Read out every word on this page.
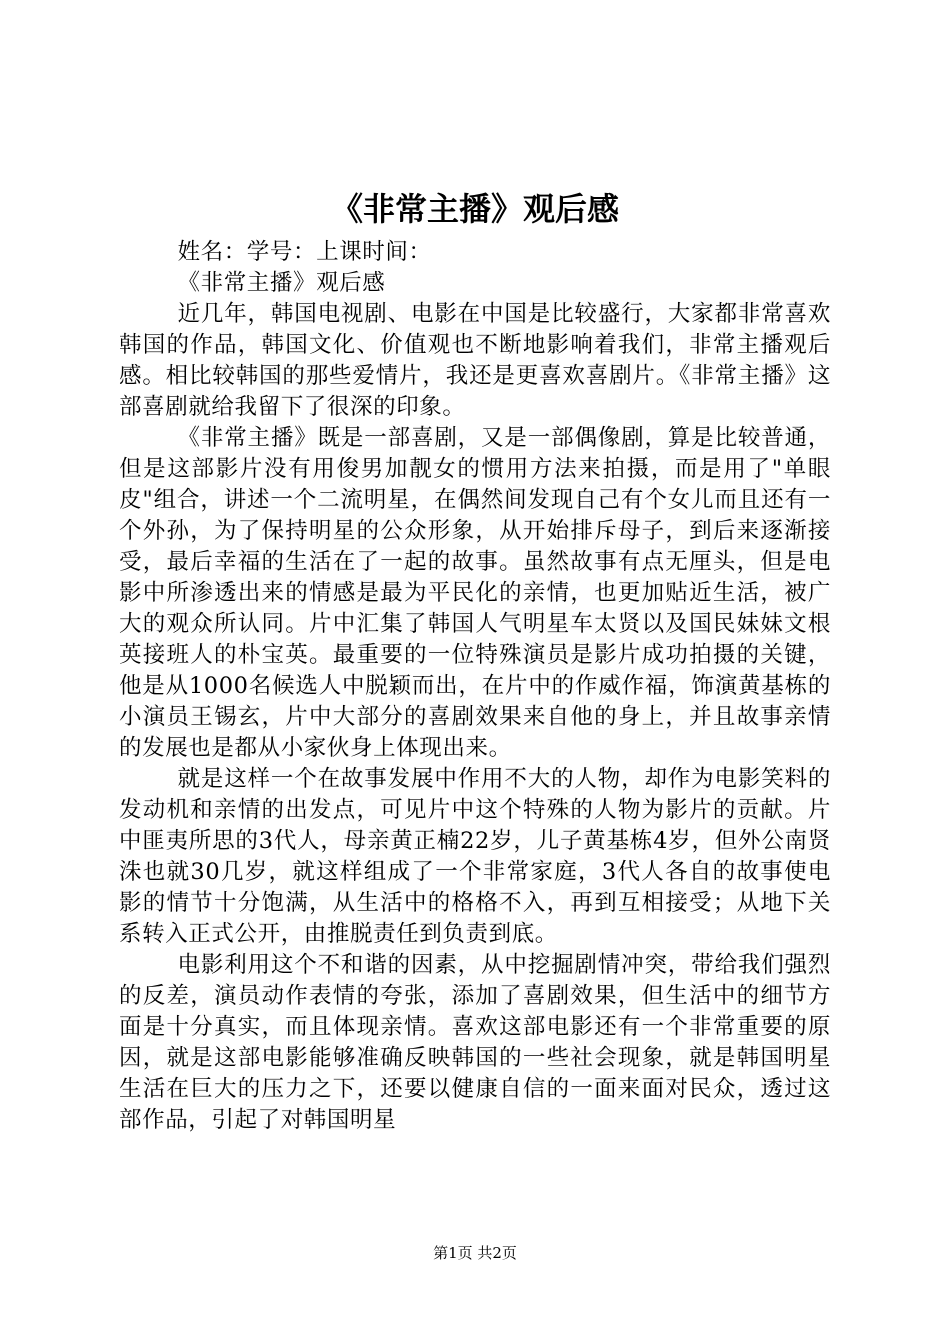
《非常主播》观后感

姓名：学号：上课时间：

《非常主播》观后感

近几年，韩国电视剧、电影在中国是比较盛行，大家都非常喜欢韩国的作品，韩国文化、价值观也不断地影响着我们，非常主播观后感。相比较韩国的那些爱情片，我还是更喜欢喜剧片。《非常主播》这部喜剧就给我留下了很深的印象。

《非常主播》既是一部喜剧，又是一部偶像剧，算是比较普通，但是这部影片没有用俊男加靓女的惯用方法来拍摄，而是用了"单眼皮"组合，讲述一个二流明星，在偶然间发现自己有个女儿而且还有一个外孙，为了保持明星的公众形象，从开始排斥母子，到后来逐渐接受，最后幸福的生活在了一起的故事。虽然故事有点无厘头，但是电影中所渗透出来的情感是最为平民化的亲情，也更加贴近生活，被广大的观众所认同。片中汇集了韩国人气明星车太贤以及国民妹妹文根英接班人的朴宝英。最重要的一位特殊演员是影片成功拍摄的关键，他是从1000名候选人中脱颖而出，在片中的作威作福，饰演黄基栋的小演员王锡玄，片中大部分的喜剧效果来自他的身上，并且故事亲情的发展也是都从小家伙身上体现出来。

就是这样一个在故事发展中作用不大的人物，却作为电影笑料的发动机和亲情的出发点，可见片中这个特殊的人物为影片的贡献。片中匪夷所思的3代人，母亲黄正楠22岁，儿子黄基栋4岁，但外公南贤洙也就30几岁，就这样组成了一个非常家庭，3代人各自的故事使电影的情节十分饱满，从生活中的格格不入，再到互相接受；从地下关系转入正式公开，由推脱责任到负责到底。

电影利用这个不和谐的因素，从中挖掘剧情冲突，带给我们强烈的反差，演员动作表情的夸张，添加了喜剧效果，但生活中的细节方面是十分真实，而且体现亲情。喜欢这部电影还有一个非常重要的原因，就是这部电影能够准确反映韩国的一些社会现象，就是韩国明星生活在巨大的压力之下，还要以健康自信的一面来面对民众，透过这部作品，引起了对韩国明星

第1页 共2页
